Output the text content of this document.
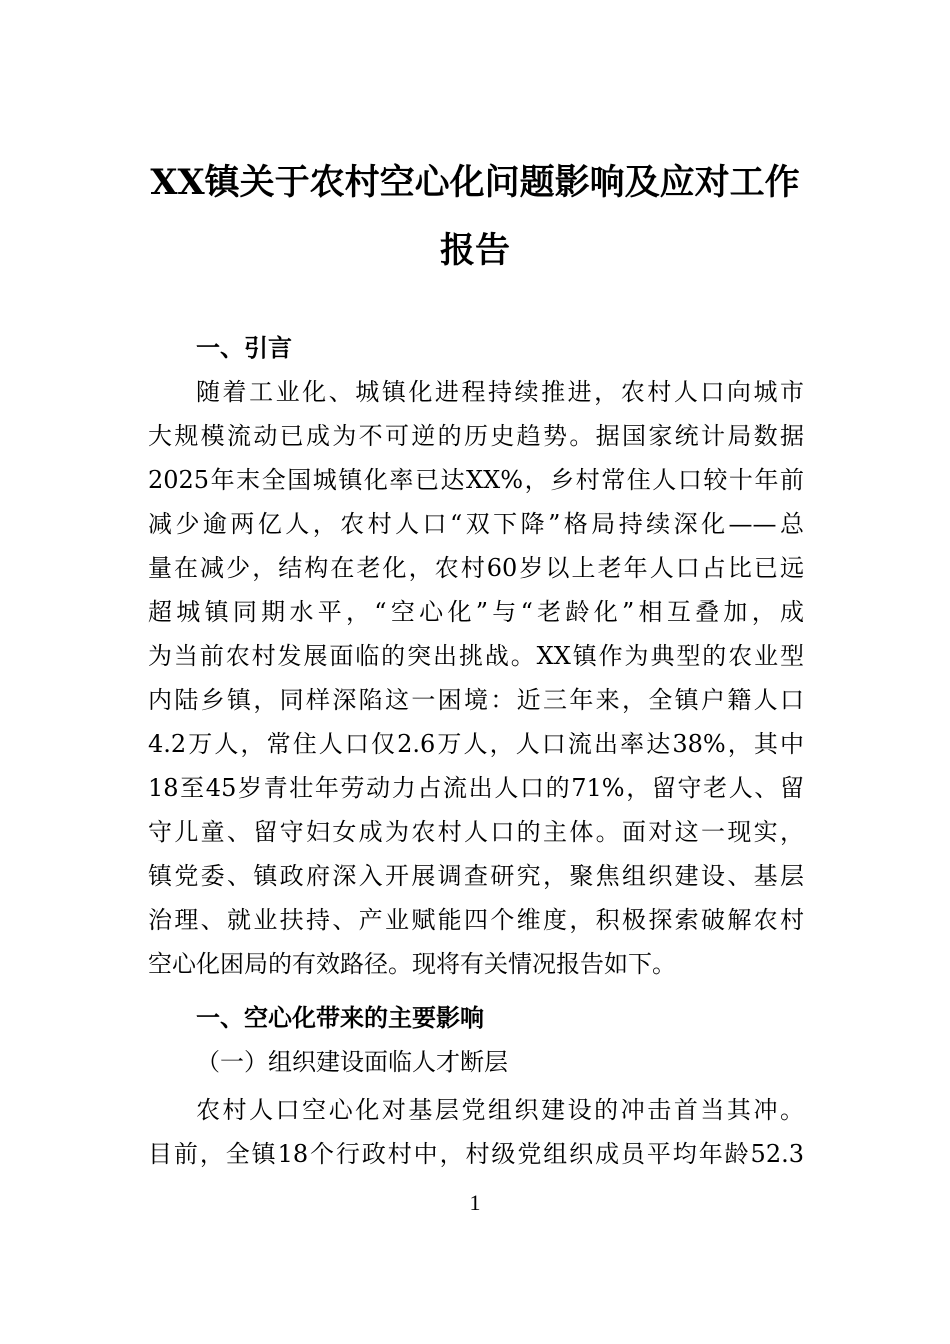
XX镇关于农村空心化问题影响及应对工作
报告
一、引言
随着工业化、城镇化进程持续推进，农村人口向城市
大规模流动已成为不可逆的历史趋势。据国家统计局数据
2025年末全国城镇化率已达XX%，乡村常住人口较十年前
减少逾两亿人，农村人口“双下降”格局持续深化——总
量在减少，结构在老化，农村60岁以上老年人口占比已远
超城镇同期水平，“空心化”与“老龄化”相互叠加，成
为当前农村发展面临的突出挑战。XX镇作为典型的农业型
内陆乡镇，同样深陷这一困境：近三年来，全镇户籍人口
4.2万人，常住人口仅2.6万人，人口流出率达38%，其中
18至45岁青壮年劳动力占流出人口的71%，留守老人、留
守儿童、留守妇女成为农村人口的主体。面对这一现实，
镇党委、镇政府深入开展调查研究，聚焦组织建设、基层
治理、就业扶持、产业赋能四个维度，积极探索破解农村
空心化困局的有效路径。现将有关情况报告如下。
一、空心化带来的主要影响
（一）组织建设面临人才断层
农村人口空心化对基层党组织建设的冲击首当其冲。
目前，全镇18个行政村中，村级党组织成员平均年龄52.3
1
